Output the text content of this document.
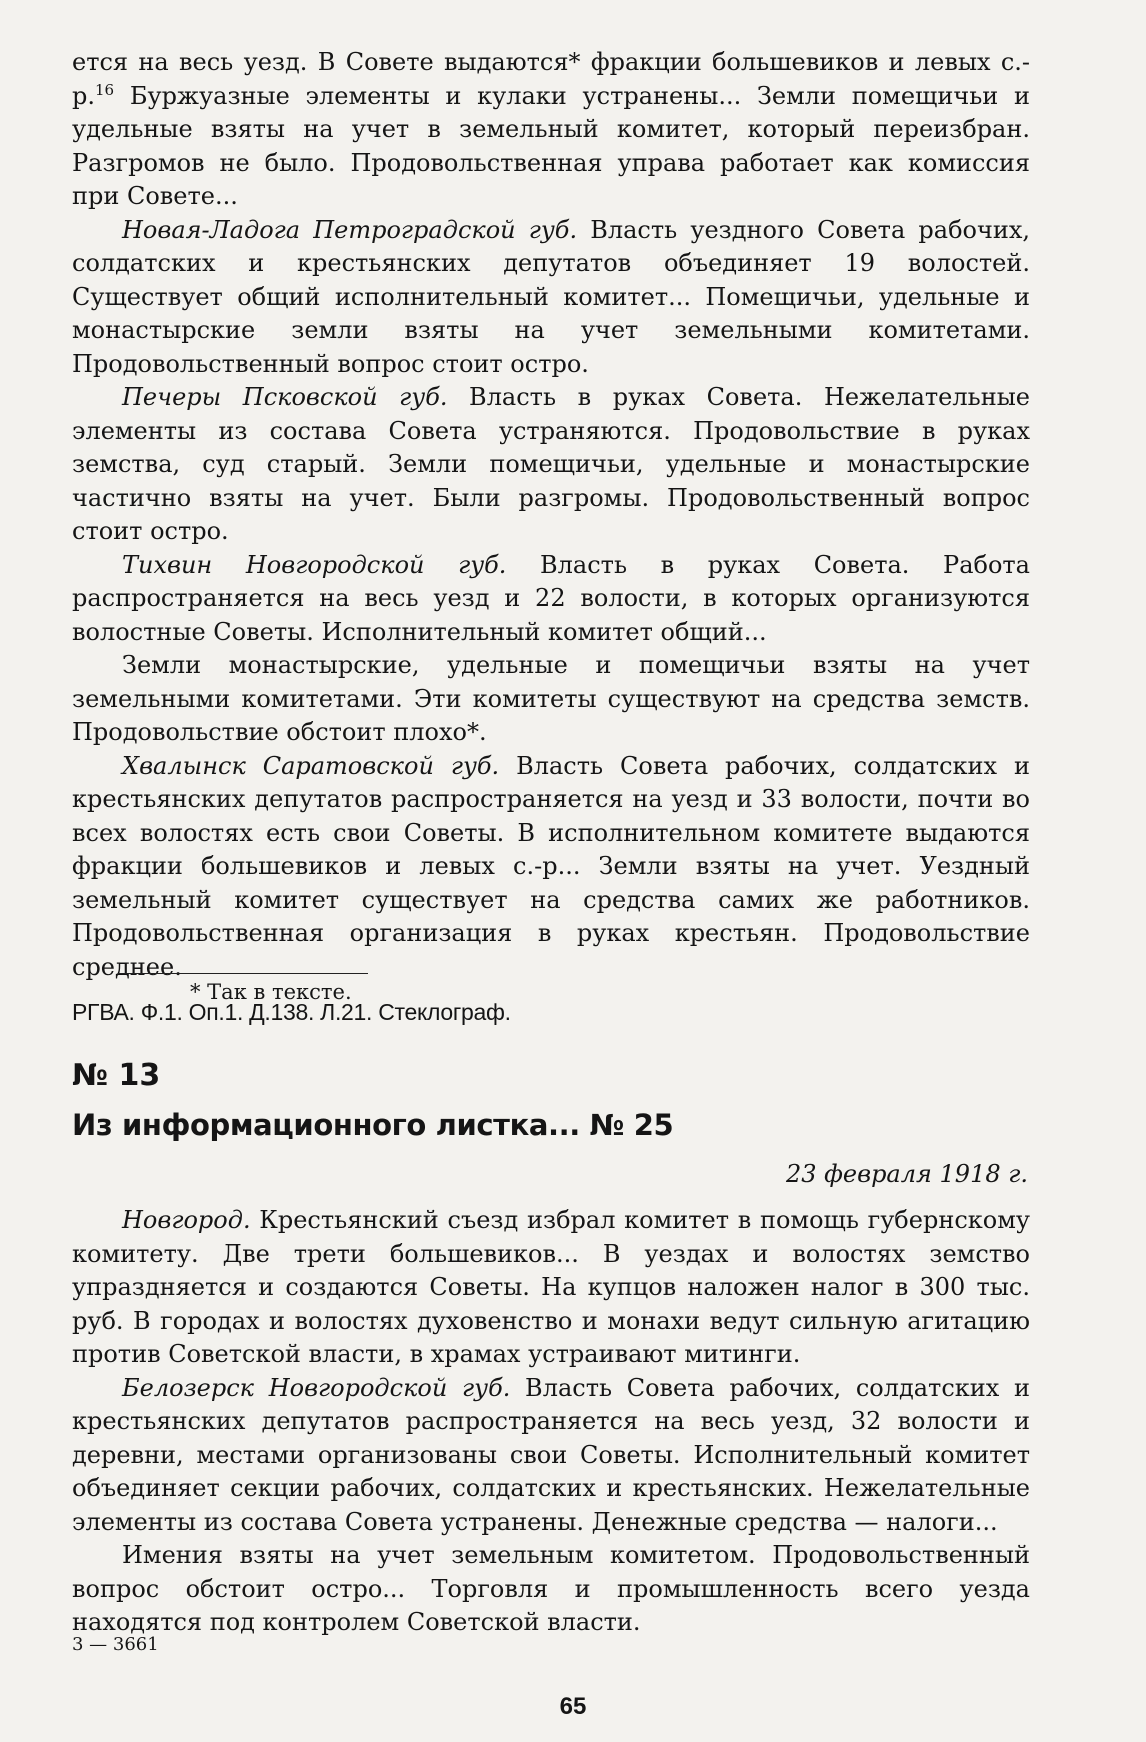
ется на весь уезд. В Совете выдаются* фракции большевиков и левых с.-р.$^{16}$ Буржуазные элементы и кулаки устранены... Земли помещичьи и удельные взяты на учет в земельный комитет, который переизбран. Разгромов не было. Продовольственная управа работает как комиссия при Совете...

Новая-Ладога Петроградской губ. Власть уездного Совета рабочих, солдатских и крестьянских депутатов объединяет 19 волостей. Существует общий исполнительный комитет... Помещичьи, удельные и монастырские земли взяты на учет земельными комитетами. Продовольственный вопрос стоит остро.

Печеры Псковской губ. Власть в руках Совета. Нежелательные элементы из состава Совета устраняются. Продовольствие в руках земства, суд старый. Земли помещичьи, удельные и монастырские частично взяты на учет. Были разгромы. Продовольственный вопрос стоит остро.

Тихвин Новгородской губ. Власть в руках Совета. Работа распространяется на весь уезд и 22 волости, в которых организуются волостные Советы. Исполнительный комитет общий...

Земли монастырские, удельные и помещичьи взяты на учет земельными комитетами. Эти комитеты существуют на средства земств. Продовольствие обстоит плохо*.

Хвалынск Саратовской губ. Власть Совета рабочих, солдатских и крестьянских депутатов распространяется на уезд и 33 волости, почти во всех волостях есть свои Советы. В исполнительном комитете выдаются фракции большевиков и левых с.-р... Земли взяты на учет. Уездный земельный комитет существует на средства самих же работников. Продовольственная организация в руках крестьян. Продовольствие среднее.

РГВА. Ф.1. Оп.1. Д.138. Л.21. Стеклограф.

* Так в тексте.
№ 13
Из информационного листка... № 25
23 февраля 1918 г.

Новгород. Крестьянский съезд избрал комитет в помощь губернскому комитету. Две трети большевиков... В уездах и волостях земство упраздняется и создаются Советы. На купцов наложен налог в 300 тыс. руб. В городах и волостях духовенство и монахи ведут сильную агитацию против Советской власти, в храмах устраивают митинги.

Белозерск Новгородской губ. Власть Совета рабочих, солдатских и крестьянских депутатов распространяется на весь уезд, 32 волости и деревни, местами организованы свои Советы. Исполнительный комитет объединяет секции рабочих, солдатских и крестьянских. Нежелательные элементы из состава Совета устранены. Денежные средства — налоги...

Имения взяты на учет земельным комитетом. Продовольственный вопрос обстоит остро... Торговля и промышленность всего уезда находятся под контролем Советской власти.

3 — 3661
65
